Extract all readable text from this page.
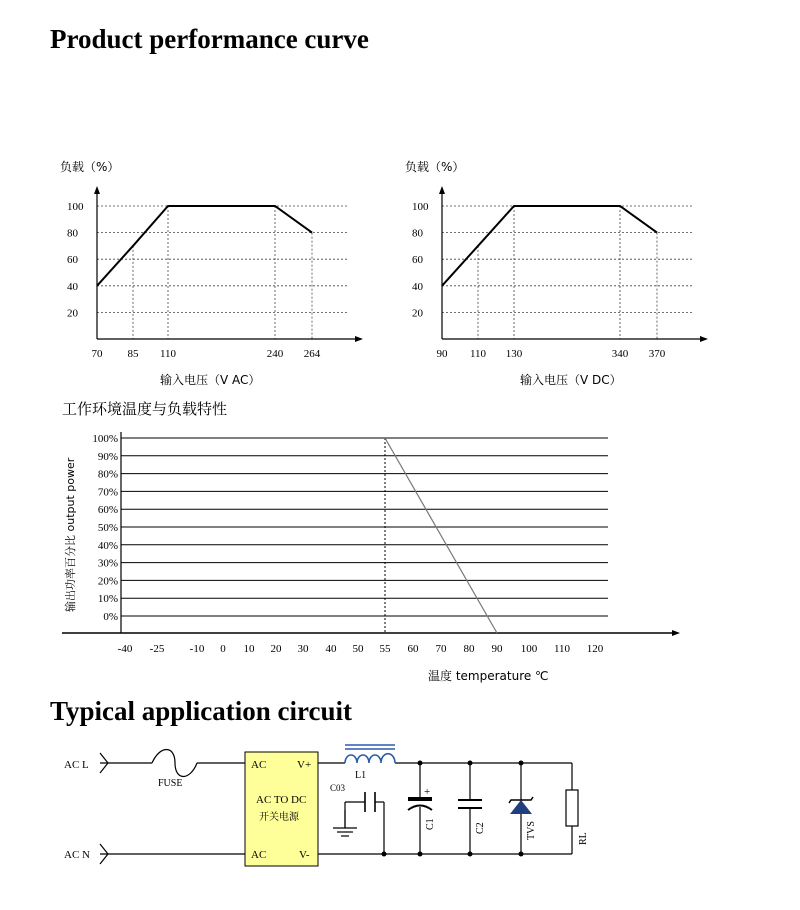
Product performance curve
Typical application circuit
负载（%）
20
40
60
80
100
70 85 110	240 264
输入电压（V AC）
负载（%）
20
40
60
80
100
90 110 130	340 370
输入电压（V DC）
工作环境温度与负载特性
100%
90%
80%
70%
60%
50%
40%
30%
20%
10%
0%
输出功率百分比 output power
-40 -25 -10 0 10 20 30 40 50 55 60 70 80 90 100 110 120
温度 temperature ℃
+
AC L
AC N
FUSE
AC	V+
AC TO DC
开关电源
AC	V-
L1
C03
C1	C2	TVS	RL
